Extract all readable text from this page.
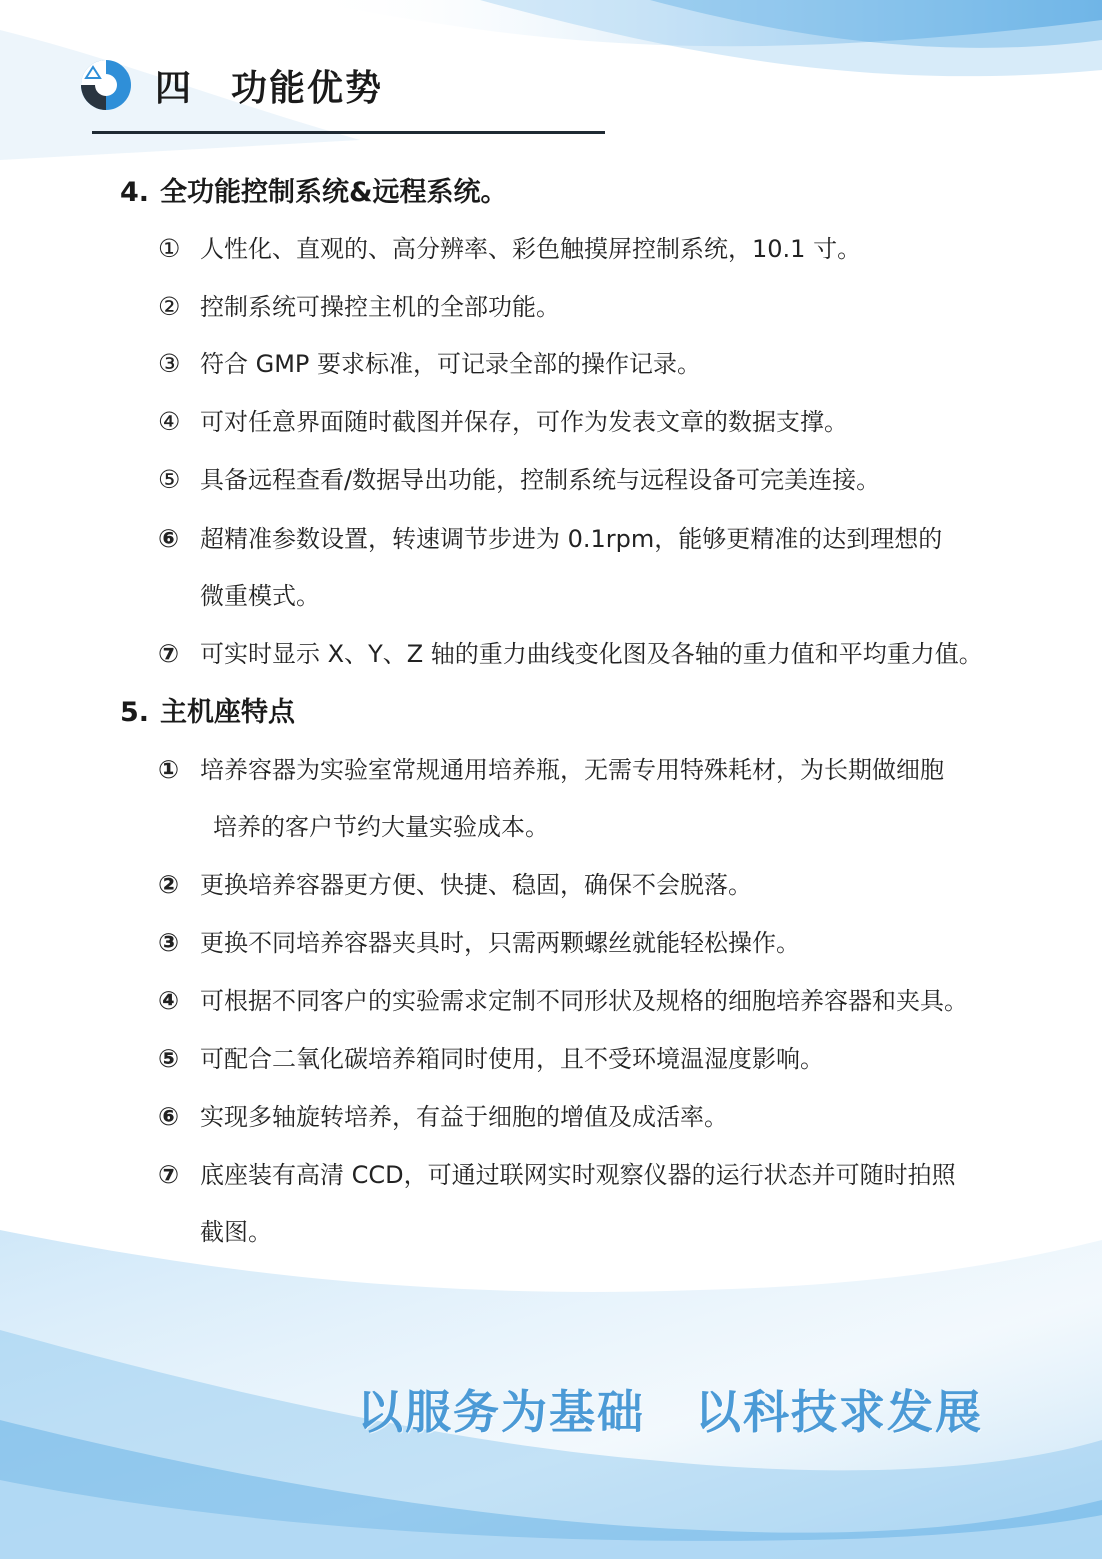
四 功能优势
4. 全功能控制系统&远程系统。
① 人性化、直观的、高分辨率、彩色触摸屏控制系统，10.1 寸。
② 控制系统可操控主机的全部功能。
③ 符合 GMP 要求标准，可记录全部的操作记录。
④ 可对任意界面随时截图并保存，可作为发表文章的数据支撑。
⑤ 具备远程查看/数据导出功能，控制系统与远程设备可完美连接。
⑥ 超精准参数设置，转速调节步进为 0.1rpm，能够更精准的达到理想的
微重模式。
⑦ 可实时显示 X、Y、Z 轴的重力曲线变化图及各轴的重力值和平均重力值。
5. 主机座特点
① 培养容器为实验室常规通用培养瓶，无需专用特殊耗材，为长期做细胞
培养的客户节约大量实验成本。
② 更换培养容器更方便、快捷、稳固，确保不会脱落。
③ 更换不同培养容器夹具时，只需两颗螺丝就能轻松操作。
④ 可根据不同客户的实验需求定制不同形状及规格的细胞培养容器和夹具。
⑤ 可配合二氧化碳培养箱同时使用，且不受环境温湿度影响。
⑥ 实现多轴旋转培养，有益于细胞的增值及成活率。
⑦ 底座装有高清 CCD，可通过联网实时观察仪器的运行状态并可随时拍照
截图。
以服务为基础 以科技求发展
